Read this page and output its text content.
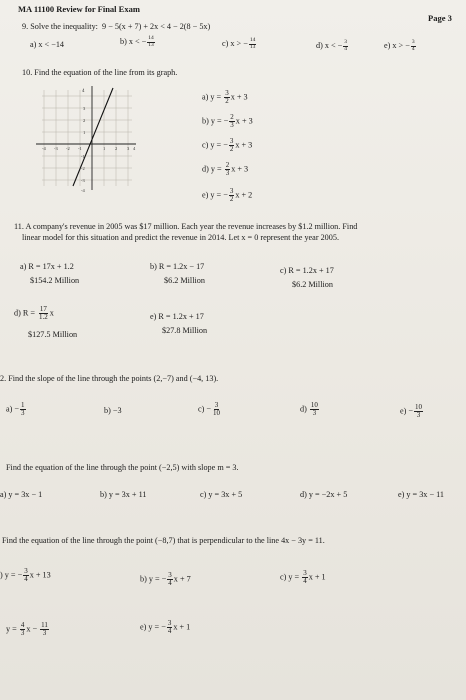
MA 11100 Review for Final Exam
Page 3
9. Solve the inequality: 9 − 5(x + 7) + 2x < 4 − 2(8 − 5x)
a) x < −14	b) x < − $\frac{14}{13}$	c) x > − $\frac{14}{13}$	d) x < − $\frac{3}{4}$	e) x > − $\frac{3}{4}$
10. Find the equation of the line from its graph.
4
-4 -3 -2 -1	1 2 3 4
3
2
1
-1
-2
-3
-4
a) $y = \frac{3}{2}$ x + 3
b) y = − $\frac{2}{3}$ x + 3
c) y = − $\frac{3}{2}$ x + 3
d) $y = \frac{2}{3}$ x + 3
e) y = − $\frac{3}{2}$ x + 2
11. A company's revenue in 2005 was $17 million. Each year the revenue increases by $1.2 million. Find
linear model for this situation and predict the revenue in 2014. Let x = 0 represent the year 2005.
a) R = 17x + 1.2
$154.2 Million
b) R = 1.2x − 17
$6.2 Million
c) R = 1.2x + 17
$6.2 Million
d) $R = \frac{17}{1.2}$ x
$127.5 Million
e) R = 1.2x + 17
$27.8 Million
2. Find the slope of the line through the points (2,−7) and (−4, 13).
$a) - \frac{1}{3}$	b) −3	$c) - \frac{3}{10}$	$d) \frac{10}{3}$	$e) - \frac{10}{3}$
Find the equation of the line through the point (−2,5) with slope m = 3.
a) y = 3x − 1	b) y = 3x + 11	c) y = 3x + 5	d) y = −2x + 5	e) y = 3x − 11
Find the equation of the line through the point (−8,7) that is perpendicular to the line 4x − 3y = 11.
) y = − $\frac{3}{4}$ x + 13	b) y = − $\frac{3}{4}$ x + 7	c) $y = \frac{3}{4}$ x + 1
$y = \frac{4}{3}$ $x - \frac{11}{3}$	e) y = − $\frac{3}{4}$ x + 1
